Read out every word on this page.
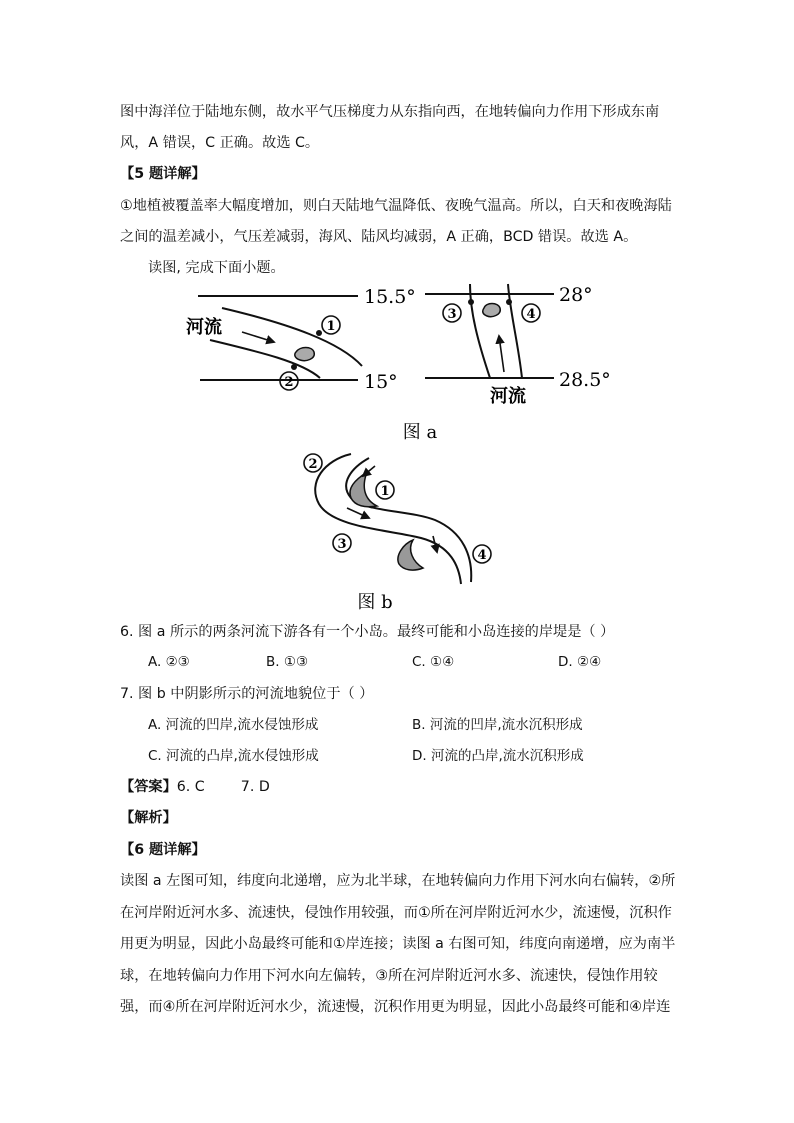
图中海洋位于陆地东侧，故水平气压梯度力从东指向西，在地转偏向力作用下形成东南
风，A 错误，C 正确。故选 C。
【5 题详解】
①地植被覆盖率大幅度增加，则白天陆地气温降低、夜晚气温高。所以，白天和夜晚海陆
之间的温差减小，气压差减弱，海风、陆风均减弱，A 正确，BCD 错误。故选 A。
读图, 完成下面小题。
15.5°
15°
河流	1
2
28°
28.5°
河流
3	4
图 a
2
1
3
4
图 b
6. 图 a 所示的两条河流下游各有一个小岛。最终可能和小岛连接的岸堤是（ ）
A. ②③	B. ①③	C. ①④	D. ②④
7. 图 b 中阴影所示的河流地貌位于（ ）
A. 河流的凹岸,流水侵蚀形成	B. 河流的凹岸,流水沉积形成
C. 河流的凸岸,流水侵蚀形成	D. 河流的凸岸,流水沉积形成
【答案】6. C        7. D
【解析】
【6 题详解】
读图 a 左图可知，纬度向北递增，应为北半球，在地转偏向力作用下河水向右偏转，②所
在河岸附近河水多、流速快，侵蚀作用较强，而①所在河岸附近河水少，流速慢，沉积作
用更为明显，因此小岛最终可能和①岸连接；读图 a 右图可知，纬度向南递增，应为南半
球，在地转偏向力作用下河水向左偏转，③所在河岸附近河水多、流速快，侵蚀作用较
强，而④所在河岸附近河水少，流速慢，沉积作用更为明显，因此小岛最终可能和④岸连
